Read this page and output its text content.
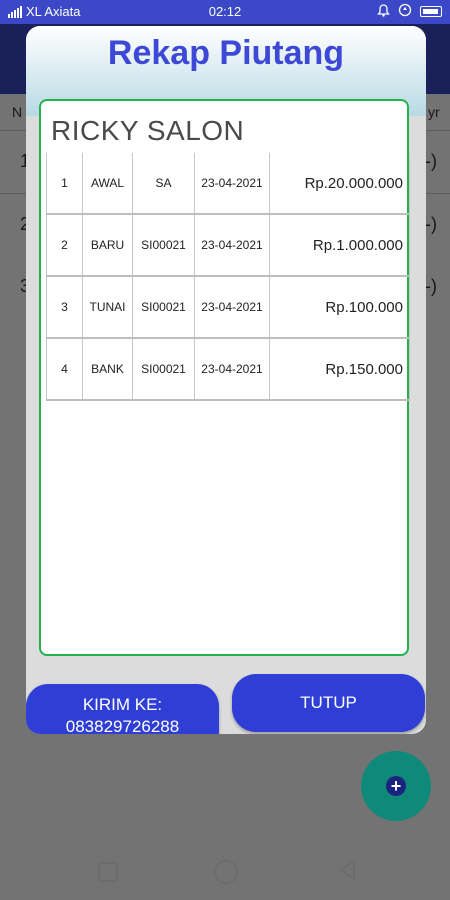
+
XL Axiata	02:12
Rekap Piutang
RICKY SALON
1	AWAL	SA	23-04-2021	Rp.20.000.000
2	BARU	SI00021	23-04-2021	Rp.1.000.000
3	TUNAI	SI00021	23-04-2021	Rp.100.000
4	BANK	SI00021	23-04-2021	Rp.150.000
KIRIM KE:
083829726288
TUTUP
